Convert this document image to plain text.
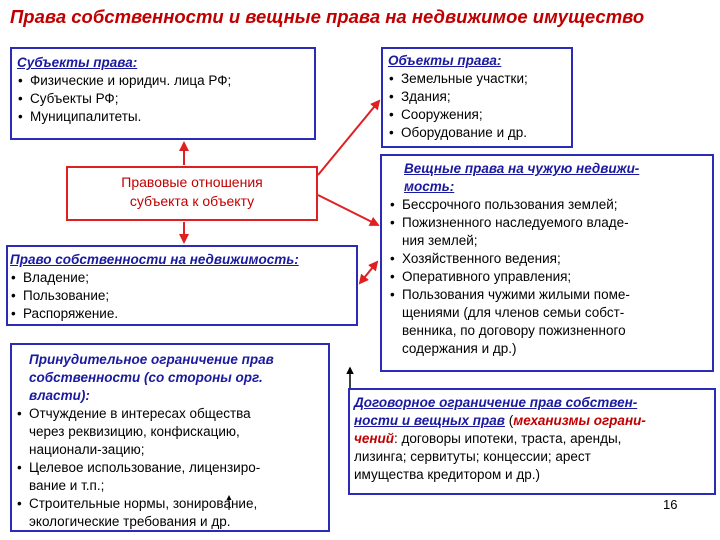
Права собственности и вещные права на недвижимое имущество
Субъекты права:
• Физические и юридич. лица РФ;
• Субъекты РФ;
• Муниципалитеты.
Объекты права:
• Земельные участки;
• Здания;
• Сооружения;
• Оборудование и др.
Правовые отношения
субъекта к объекту
Право собственности на недвижимость:
• Владение;
• Пользование;
• Распоряжение.
Принудительное ограничение прав
собственности (со стороны орг.
власти):
• Отчуждение в интересах общества
через реквизицию, конфискацию,
национали-зацию;
• Целевое использование, лицензиро-
вание и т.п.;
• Строительные нормы, зонирование,
экологические требования и др.
Вещные права на чужую недвижи-
мость:
• Бессрочного пользования землей;
• Пожизненного наследуемого владе-
ния землей;
• Хозяйственного ведения;
• Оперативного управления;
• Пользования чужими жилыми поме-
щениями (для членов семьи собст-
венника, по договору пожизненного
содержания и др.)
Договорное ограничение прав собствен-
ности и вещных прав (механизмы ограни-
чений: договоры ипотеки, траста, аренды,
лизинга; сервитуты; концессии; арест
имущества кредитором и др.)
16
